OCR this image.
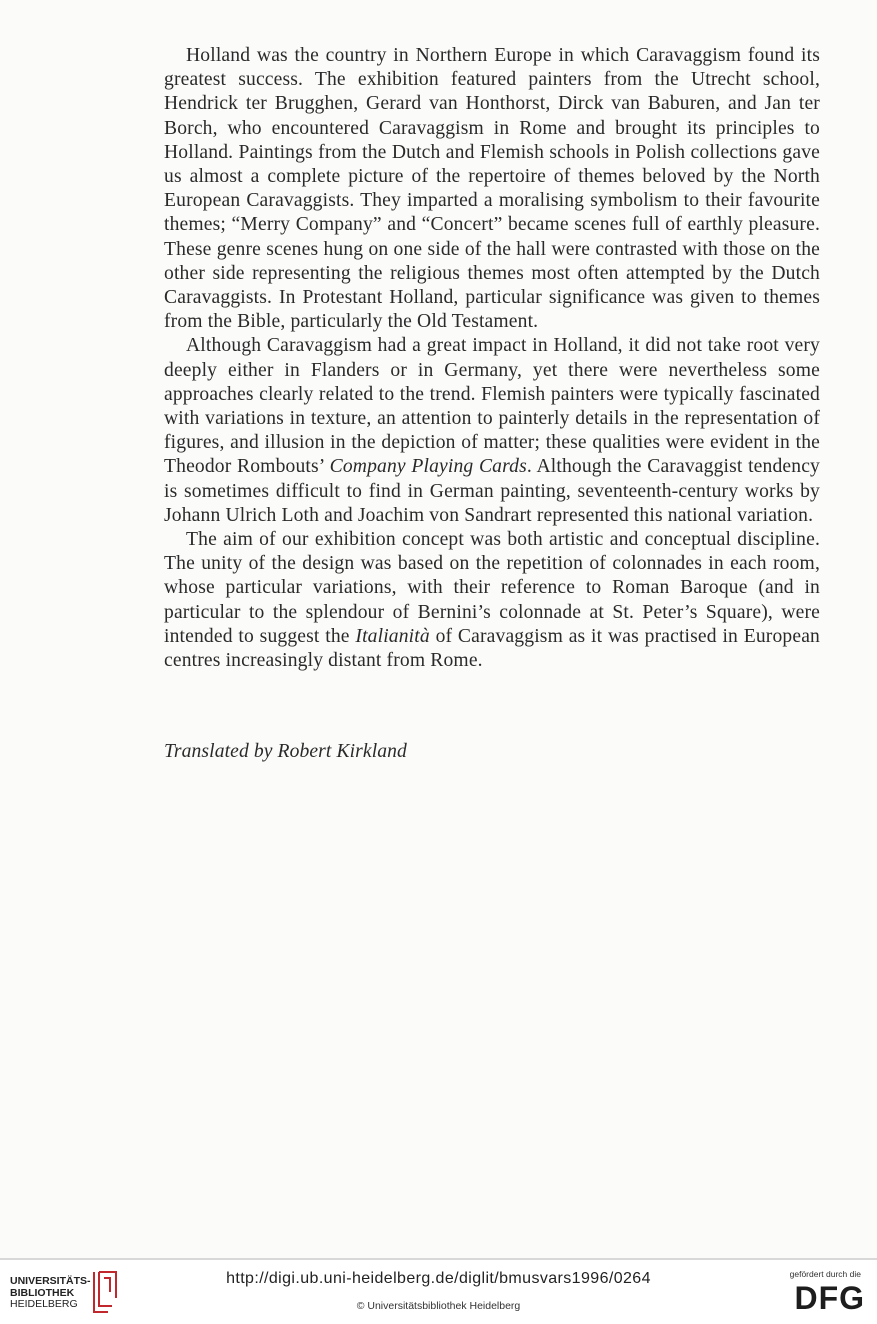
Holland was the country in Northern Europe in which Caravaggism found its greatest success. The exhibition featured painters from the Utrecht school, Hendrick ter Brugghen, Gerard van Honthorst, Dirck van Baburen, and Jan ter Borch, who encountered Caravaggism in Rome and brought its principles to Holland. Paintings from the Dutch and Flemish schools in Polish collections gave us almost a complete picture of the repertoire of themes beloved by the North European Caravaggists. They imparted a moralising symbolism to their favourite themes; “Merry Company” and “Concert” became scenes full of earthly pleasure. These genre scenes hung on one side of the hall were contrasted with those on the other side representing the religious themes most often attempted by the Dutch Caravaggists. In Protestant Holland, particular significance was given to themes from the Bible, particularly the Old Testament.

Although Caravaggism had a great impact in Holland, it did not take root very deeply either in Flanders or in Germany, yet there were nevertheless some approaches clearly related to the trend. Flemish painters were typically fascinated with variations in texture, an attention to painterly details in the representation of figures, and illusion in the depiction of matter; these qualities were evident in the Theodor Rombouts’ Company Playing Cards. Although the Caravaggist tendency is sometimes difficult to find in German painting, seventeenth-century works by Johann Ulrich Loth and Joachim von Sandrart represented this national variation.

The aim of our exhibition concept was both artistic and conceptual discipline. The unity of the design was based on the repetition of colonnades in each room, whose particular variations, with their reference to Roman Baroque (and in particular to the splendour of Bernini’s colonnade at St. Peter’s Square), were intended to suggest the Italianità of Caravaggism as it was practised in European centres increasingly distant from Rome.

Translated by Robert Kirkland
UNIVERSITÄTS-
BIBLIOTHEK
HEIDELBERG
http://digi.ub.uni-heidelberg.de/diglit/bmusvars1996/0264
© Universitätsbibliothek Heidelberg
gefördert durch die
DFG
